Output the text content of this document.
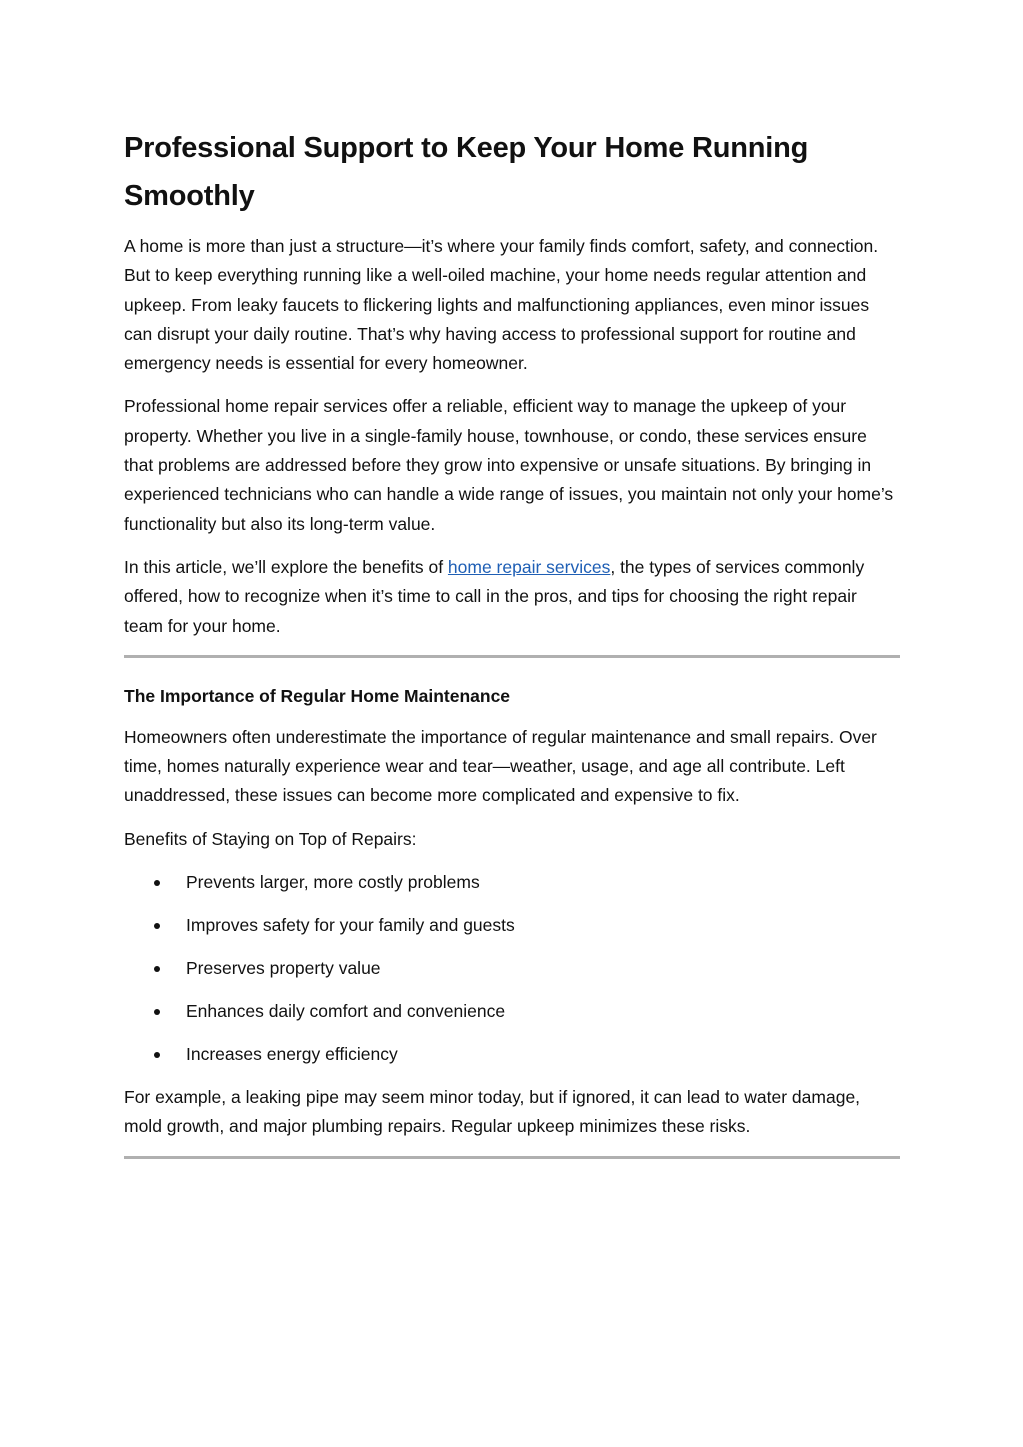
Professional Support to Keep Your Home Running Smoothly

A home is more than just a structure—it’s where your family finds comfort, safety, and connection. But to keep everything running like a well-oiled machine, your home needs regular attention and upkeep. From leaky faucets to flickering lights and malfunctioning appliances, even minor issues can disrupt your daily routine. That’s why having access to professional support for routine and emergency needs is essential for every homeowner.

Professional home repair services offer a reliable, efficient way to manage the upkeep of your property. Whether you live in a single-family house, townhouse, or condo, these services ensure that problems are addressed before they grow into expensive or unsafe situations. By bringing in experienced technicians who can handle a wide range of issues, you maintain not only your home’s functionality but also its long-term value.

In this article, we’ll explore the benefits of home repair services, the types of services commonly offered, how to recognize when it’s time to call in the pros, and tips for choosing the right repair team for your home.

The Importance of Regular Home Maintenance

Homeowners often underestimate the importance of regular maintenance and small repairs. Over time, homes naturally experience wear and tear—weather, usage, and age all contribute. Left unaddressed, these issues can become more complicated and expensive to fix.

Benefits of Staying on Top of Repairs:

Prevents larger, more costly problems
Improves safety for your family and guests
Preserves property value
Enhances daily comfort and convenience
Increases energy efficiency

For example, a leaking pipe may seem minor today, but if ignored, it can lead to water damage, mold growth, and major plumbing repairs. Regular upkeep minimizes these risks.
